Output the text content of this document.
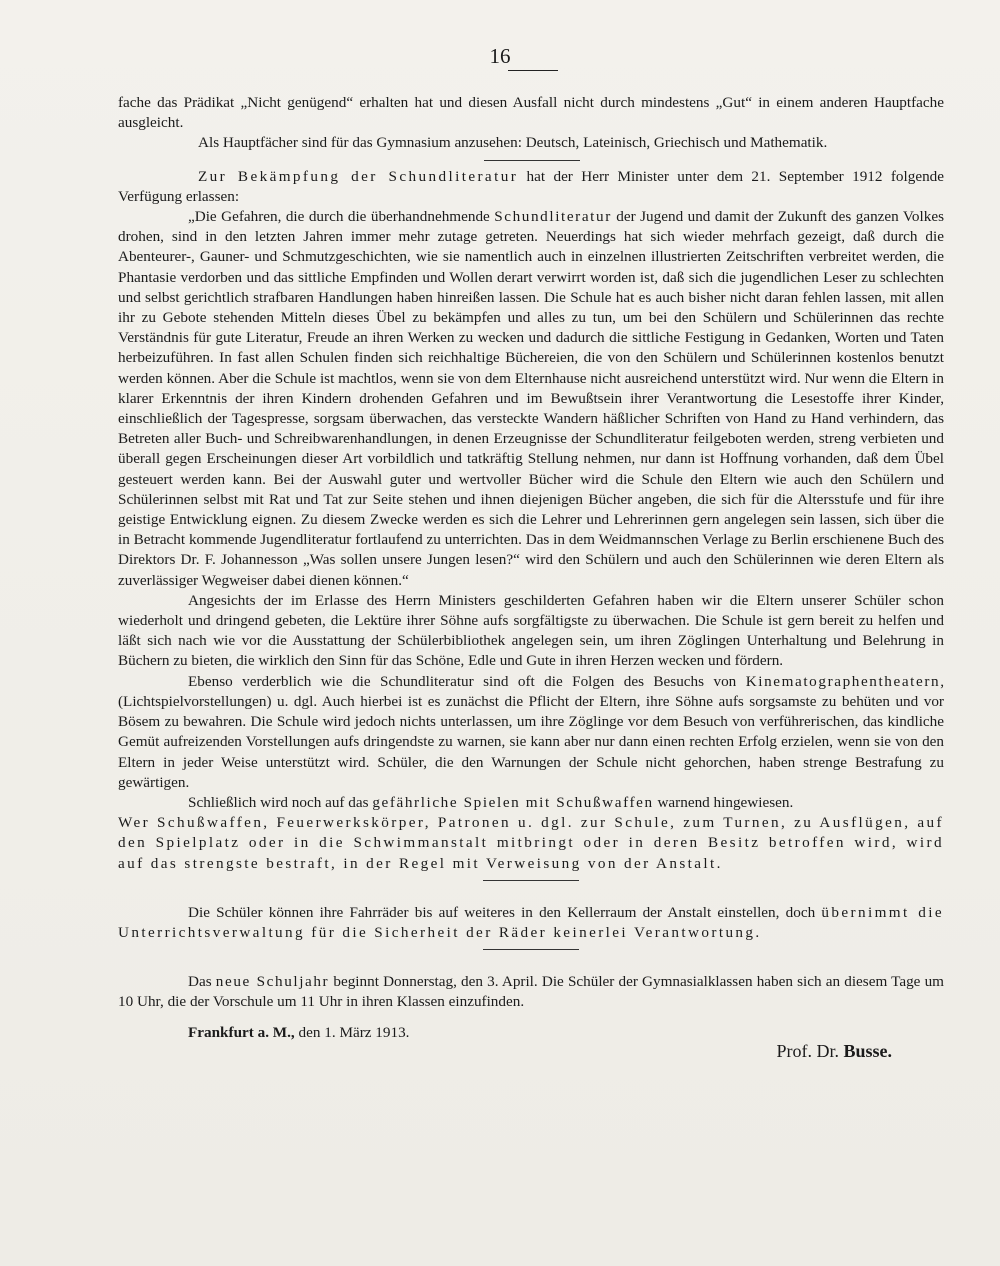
16

fache das Prädikat „Nicht genügend“ erhalten hat und diesen Ausfall nicht durch mindestens „Gut“ in einem anderen Hauptfache ausgleicht.

Als Hauptfächer sind für das Gymnasium anzusehen: Deutsch, Lateinisch, Griechisch und Mathematik.

Zur Bekämpfung der Schundliteratur hat der Herr Minister unter dem 21. September 1912 folgende Verfügung erlassen:

„Die Gefahren, die durch die überhandnehmende Schundliteratur der Jugend und damit der Zukunft des ganzen Volkes drohen, sind in den letzten Jahren immer mehr zutage getreten. Neuerdings hat sich wieder mehrfach gezeigt, daß durch die Abenteurer-, Gauner- und Schmutzgeschichten, wie sie namentlich auch in einzelnen illustrierten Zeitschriften verbreitet werden, die Phantasie verdorben und das sittliche Empfinden und Wollen derart verwirrt worden ist, daß sich die jugendlichen Leser zu schlechten und selbst gerichtlich strafbaren Handlungen haben hinreißen lassen. Die Schule hat es auch bisher nicht daran fehlen lassen, mit allen ihr zu Gebote stehenden Mitteln dieses Übel zu bekämpfen und alles zu tun, um bei den Schülern und Schülerinnen das rechte Verständnis für gute Literatur, Freude an ihren Werken zu wecken und dadurch die sittliche Festigung in Gedanken, Worten und Taten herbeizuführen. In fast allen Schulen finden sich reichhaltige Büchereien, die von den Schülern und Schülerinnen kostenlos benutzt werden können. Aber die Schule ist machtlos, wenn sie von dem Elternhause nicht ausreichend unterstützt wird. Nur wenn die Eltern in klarer Erkenntnis der ihren Kindern drohenden Gefahren und im Bewußtsein ihrer Verantwortung die Lesestoffe ihrer Kinder, einschließlich der Tagespresse, sorgsam überwachen, das versteckte Wandern häßlicher Schriften von Hand zu Hand verhindern, das Betreten aller Buch- und Schreibwarenhandlungen, in denen Erzeugnisse der Schundliteratur feilgeboten werden, streng verbieten und überall gegen Erscheinungen dieser Art vorbildlich und tatkräftig Stellung nehmen, nur dann ist Hoffnung vorhanden, daß dem Übel gesteuert werden kann. Bei der Auswahl guter und wertvoller Bücher wird die Schule den Eltern wie auch den Schülern und Schülerinnen selbst mit Rat und Tat zur Seite stehen und ihnen diejenigen Bücher angeben, die sich für die Altersstufe und für ihre geistige Entwicklung eignen. Zu diesem Zwecke werden es sich die Lehrer und Lehrerinnen gern angelegen sein lassen, sich über die in Betracht kommende Jugendliteratur fortlaufend zu unterrichten. Das in dem Weidmannschen Verlage zu Berlin erschienene Buch des Direktors Dr. F. Johannesson „Was sollen unsere Jungen lesen?“ wird den Schülern und auch den Schülerinnen wie deren Eltern als zuverlässiger Wegweiser dabei dienen können.“

Angesichts der im Erlasse des Herrn Ministers geschilderten Gefahren haben wir die Eltern unserer Schüler schon wiederholt und dringend gebeten, die Lektüre ihrer Söhne aufs sorgfältigste zu überwachen. Die Schule ist gern bereit zu helfen und läßt sich nach wie vor die Ausstattung der Schülerbibliothek angelegen sein, um ihren Zöglingen Unterhaltung und Belehrung in Büchern zu bieten, die wirklich den Sinn für das Schöne, Edle und Gute in ihren Herzen wecken und fördern.

Ebenso verderblich wie die Schundliteratur sind oft die Folgen des Besuchs von Kinematographentheatern, (Lichtspielvorstellungen) u. dgl. Auch hierbei ist es zunächst die Pflicht der Eltern, ihre Söhne aufs sorgsamste zu behüten und vor Bösem zu bewahren. Die Schule wird jedoch nichts unterlassen, um ihre Zöglinge vor dem Besuch von verführerischen, das kindliche Gemüt aufreizenden Vorstellungen aufs dringendste zu warnen, sie kann aber nur dann einen rechten Erfolg erzielen, wenn sie von den Eltern in jeder Weise unterstützt wird. Schüler, die den Warnungen der Schule nicht gehorchen, haben strenge Bestrafung zu gewärtigen.

Schließlich wird noch auf das gefährliche Spielen mit Schußwaffen warnend hingewiesen.

Wer Schußwaffen, Feuerwerkskörper, Patronen u. dgl. zur Schule, zum Turnen, zu Ausflügen, auf den Spielplatz oder in die Schwimmanstalt mitbringt oder in deren Besitz betroffen wird, wird auf das strengste bestraft, in der Regel mit Verweisung von der Anstalt.

Die Schüler können ihre Fahrräder bis auf weiteres in den Kellerraum der Anstalt einstellen, doch übernimmt die Unterrichtsverwaltung für die Sicherheit der Räder keinerlei Verantwortung.

Das neue Schuljahr beginnt Donnerstag, den 3. April. Die Schüler der Gymnasialklassen haben sich an diesem Tage um 10 Uhr, die der Vorschule um 11 Uhr in ihren Klassen einzufinden.

Frankfurt a. M., den 1. März 1913.
Prof. Dr. Busse.
